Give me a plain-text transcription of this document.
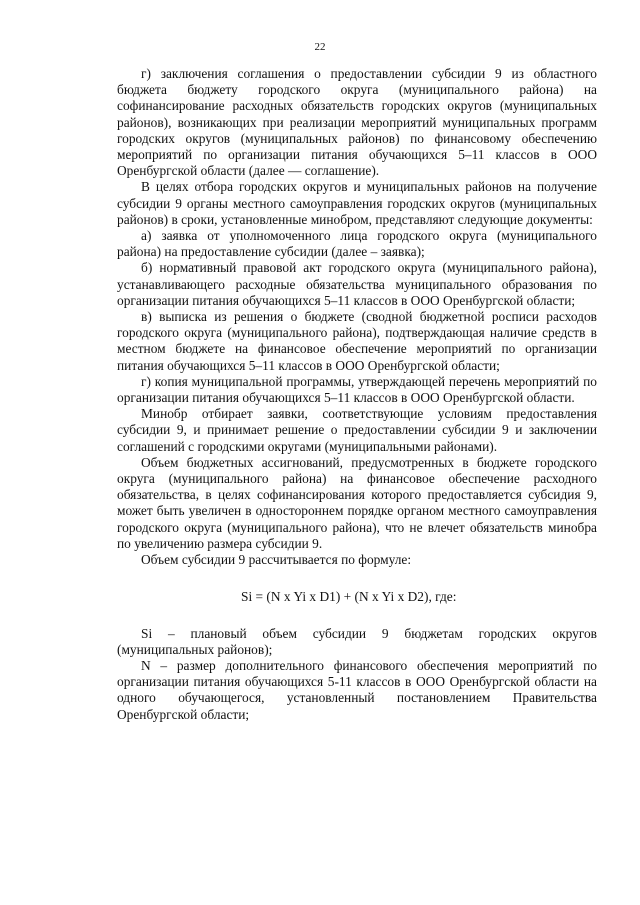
22

г) заключения соглашения о предоставлении субсидии 9 из областного бюджета бюджету городского округа (муниципального района) на софинансирование расходных обязательств городских округов (муниципальных районов), возникающих при реализации мероприятий муниципальных программ городских округов (муниципальных районов) по финансовому обеспечению мероприятий по организации питания обучающихся 5–11 классов в ООО Оренбургской области (далее — соглашение).

В целях отбора городских округов и муниципальных районов на получение субсидии 9 органы местного самоуправления городских округов (муниципальных районов) в сроки, установленные минобром, представляют следующие документы:

а) заявка от уполномоченного лица городского округа (муниципального района) на предоставление субсидии (далее – заявка);

б) нормативный правовой акт городского округа (муниципального района), устанавливающего расходные обязательства муниципального образования по организации питания обучающихся 5–11 классов в ООО Оренбургской области;

в) выписка из решения о бюджете (сводной бюджетной росписи расходов городского округа (муниципального района), подтверждающая наличие средств в местном бюджете на финансовое обеспечение мероприятий по организации питания обучающихся 5–11 классов в ООО Оренбургской области;

г) копия муниципальной программы, утверждающей перечень мероприятий по организации питания обучающихся 5–11 классов в ООО Оренбургской области.

Минобр отбирает заявки, соответствующие условиям предоставления субсидии 9, и принимает решение о предоставлении субсидии 9 и заключении соглашений с городскими округами (муниципальными районами).

Объем бюджетных ассигнований, предусмотренных в бюджете городского округа (муниципального района) на финансовое обеспечение расходного обязательства, в целях софинансирования которого предоставляется субсидия 9, может быть увеличен в одностороннем порядке органом местного самоуправления городского округа (муниципального района), что не влечет обязательств минобра по увеличению размера субсидии 9.

Объем субсидии 9 рассчитывается по формуле:

Si = (N x Yi x D1) + (N x Yi x D2), где:

Si – плановый объем субсидии 9 бюджетам городских округов (муниципальных районов);

N – размер дополнительного финансового обеспечения мероприятий по организации питания обучающихся 5-11 классов в ООО Оренбургской области на одного обучающегося, установленный постановлением Правительства Оренбургской области;
